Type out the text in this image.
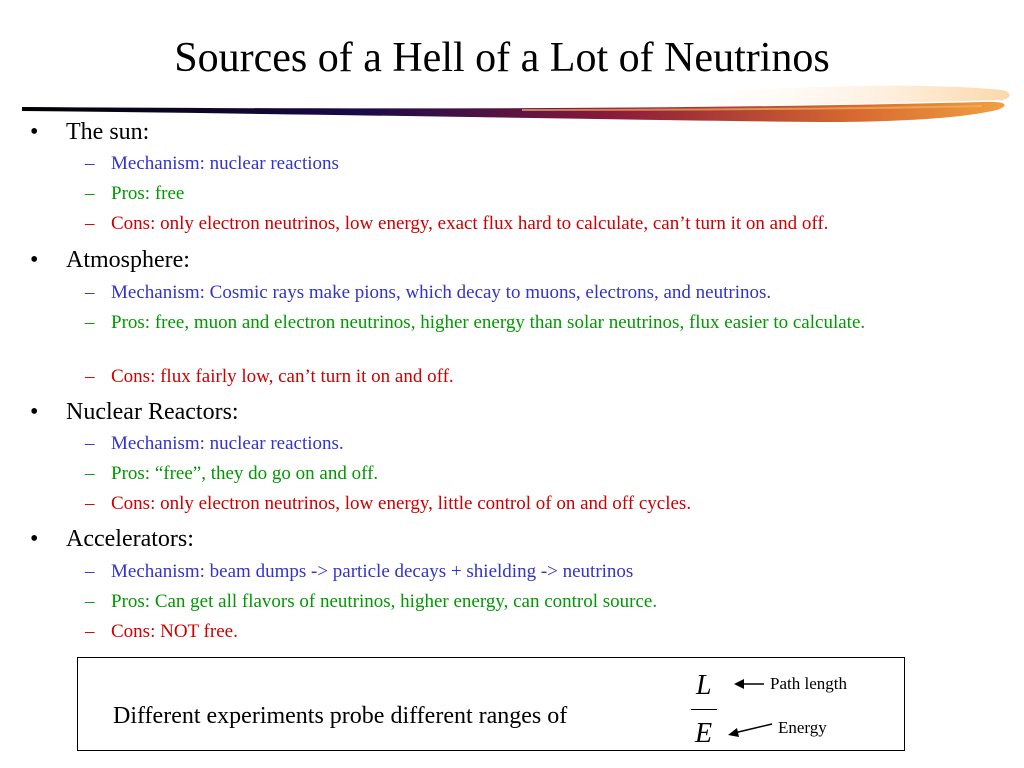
Sources of a Hell of a Lot of Neutrinos
• The sun:
– Mechanism: nuclear reactions
– Pros: free
– Cons: only electron neutrinos, low energy, exact flux hard to calculate, can’t turn it on and off.
• Atmosphere:
– Mechanism: Cosmic rays make pions, which decay to muons, electrons, and neutrinos.
– Pros: free, muon and electron neutrinos, higher energy than solar neutrinos, flux easier to calculate.
– Cons: flux fairly low, can’t turn it on and off.
• Nuclear Reactors:
– Mechanism: nuclear reactions.
– Pros: “free”, they do go on and off.
– Cons: only electron neutrinos, low energy, little control of on and off cycles.
• Accelerators:
– Mechanism: beam dumps -> particle decays + shielding -> neutrinos
– Pros: Can get all flavors of neutrinos, higher energy, can control source.
– Cons: NOT free.
Different experiments probe different ranges of
L
E
Path length
Energy
